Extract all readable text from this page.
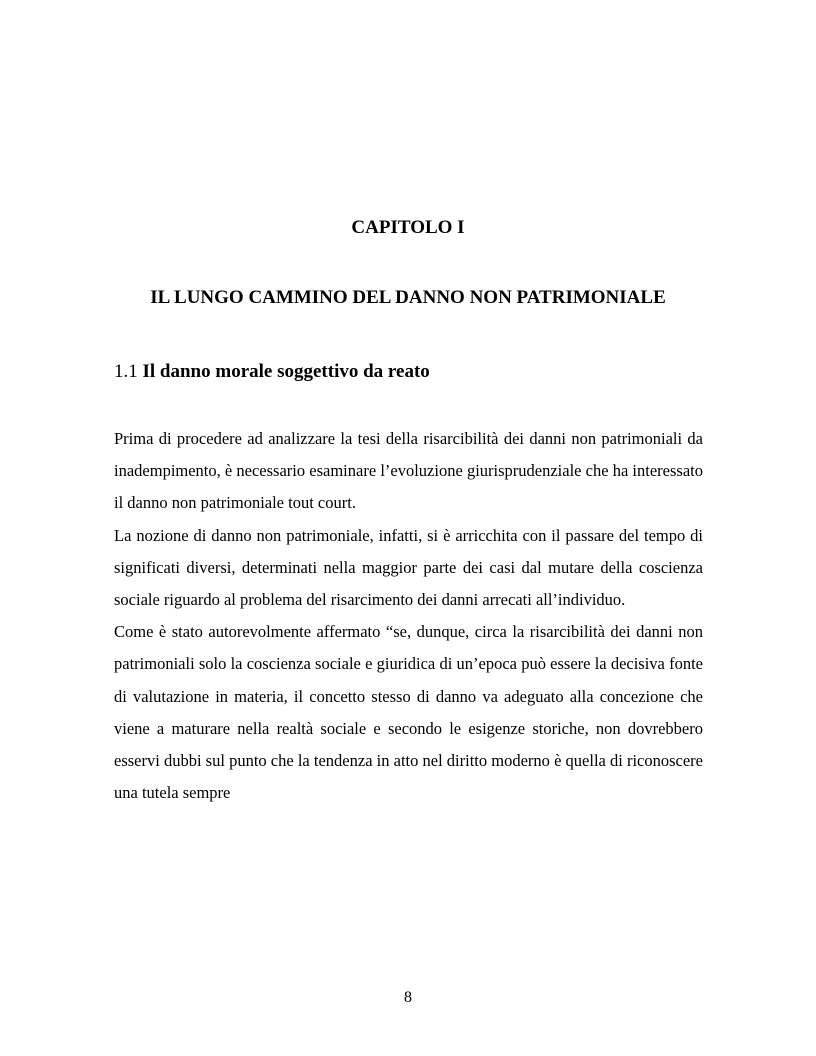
CAPITOLO I
IL LUNGO CAMMINO DEL DANNO NON PATRIMONIALE
1.1 Il danno morale soggettivo da reato

Prima di procedere ad analizzare la tesi della risarcibilità dei danni non patrimoniali da inadempimento, è necessario esaminare l’evoluzione giurisprudenziale che ha interessato il danno non patrimoniale tout court.

La nozione di danno non patrimoniale, infatti, si è arricchita con il passare del tempo di significati diversi, determinati nella maggior parte dei casi dal mutare della coscienza sociale riguardo al problema del risarcimento dei danni arrecati all’individuo.

Come è stato autorevolmente affermato “se, dunque, circa la risarcibilità dei danni non patrimoniali solo la coscienza sociale e giuridica di un’epoca può essere la decisiva fonte di valutazione in materia, il concetto stesso di danno va adeguato alla concezione che viene a maturare nella realtà sociale e secondo le esigenze storiche, non dovrebbero esservi dubbi sul punto che la tendenza in atto nel diritto moderno è quella di riconoscere una tutela sempre

8
